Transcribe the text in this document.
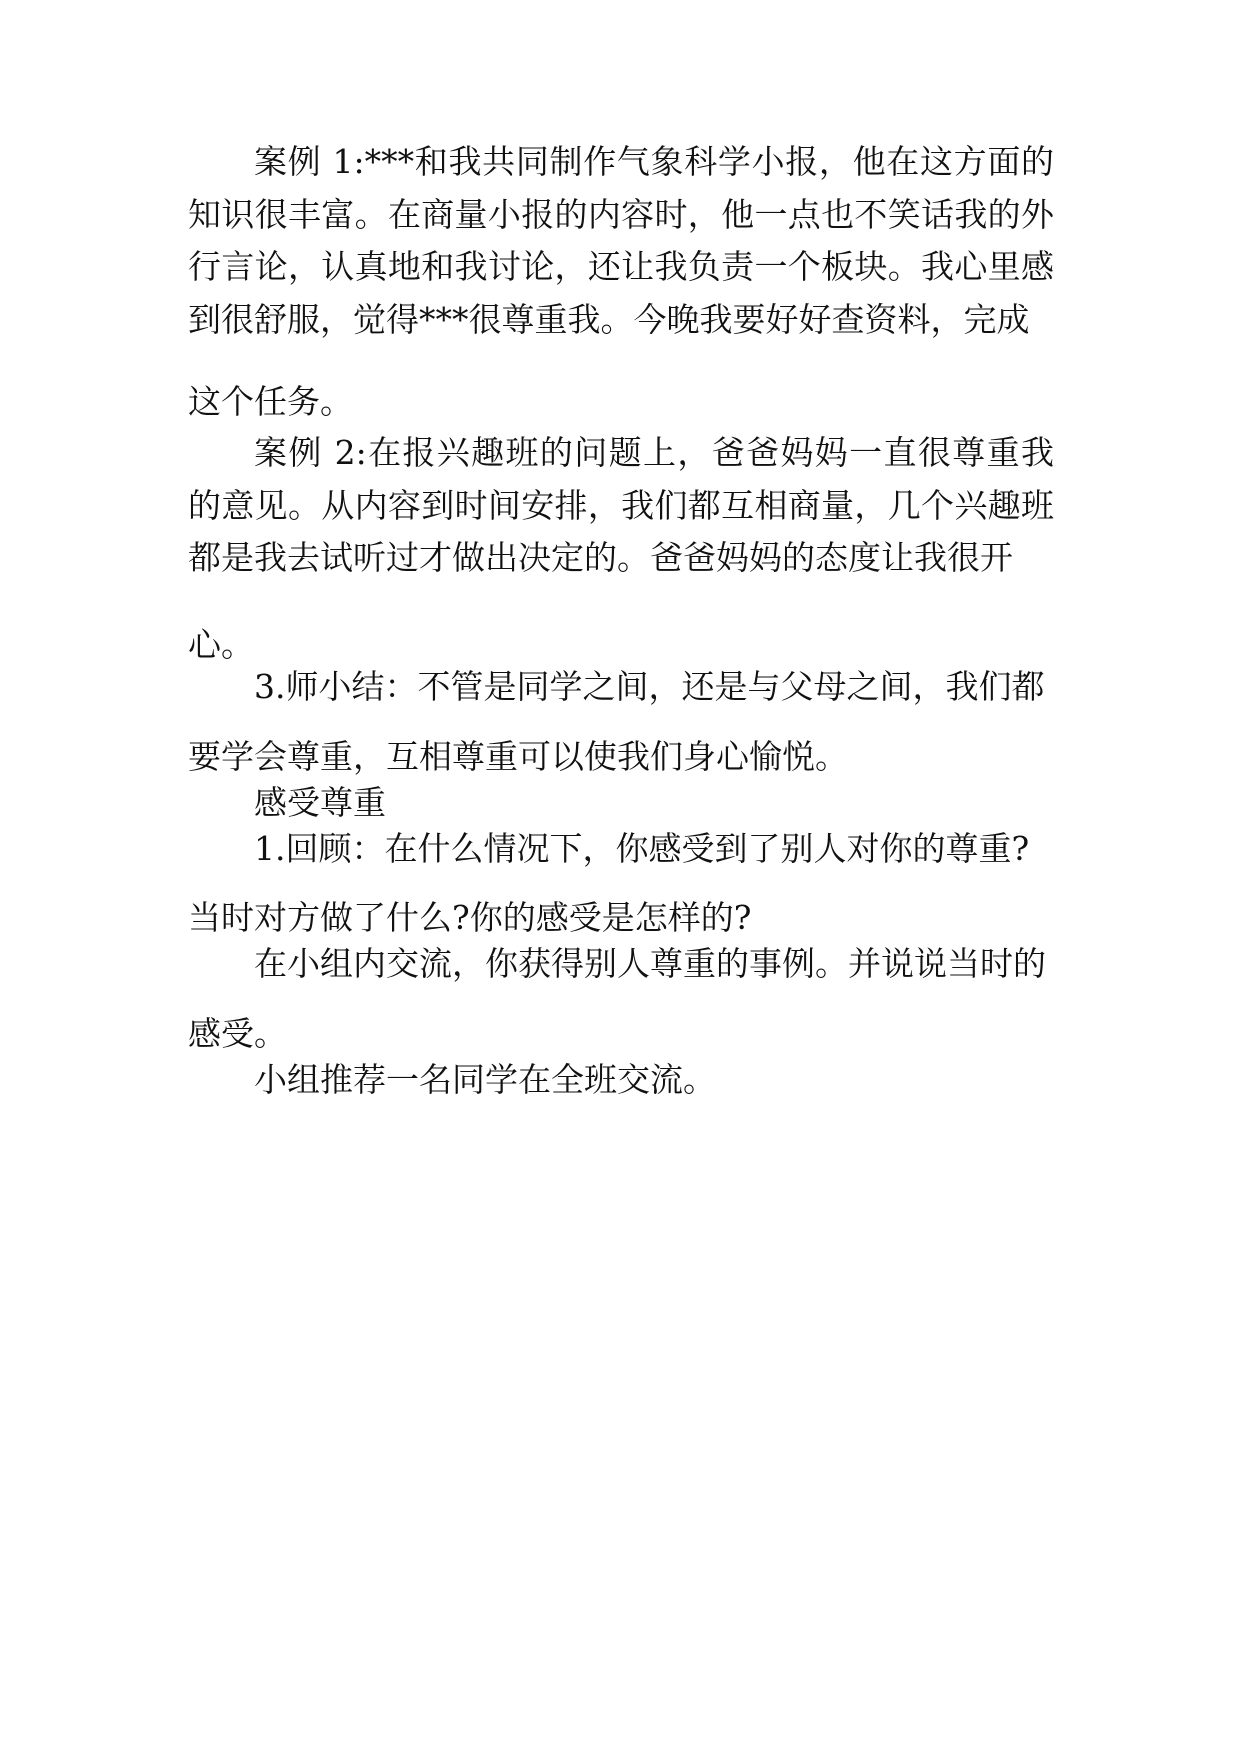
案例 1:***和我共同制作气象科学小报，他在这方面的 知识很丰富。在商量小报的内容时，他一点也不笑话我的外 行言论，认真地和我讨论，还让我负责一个板块。我心里感 到很舒服，觉得***很尊重我。今晚我要好好查资料，完成

这个任务。

案例 2:在报兴趣班的问题上，爸爸妈妈一直很尊重我 的意见。从内容到时间安排，我们都互相商量，几个兴趣班 都是我去试听过才做出决定的。爸爸妈妈的态度让我很开

心。

3.师小结：不管是同学之间，还是与父母之间，我们都

要学会尊重，互相尊重可以使我们身心愉悦。

感受尊重

1.回顾：在什么情况下，你感受到了别人对你的尊重?

当时对方做了什么?你的感受是怎样的?

在小组内交流，你获得别人尊重的事例。并说说当时的

感受。

小组推荐一名同学在全班交流。
